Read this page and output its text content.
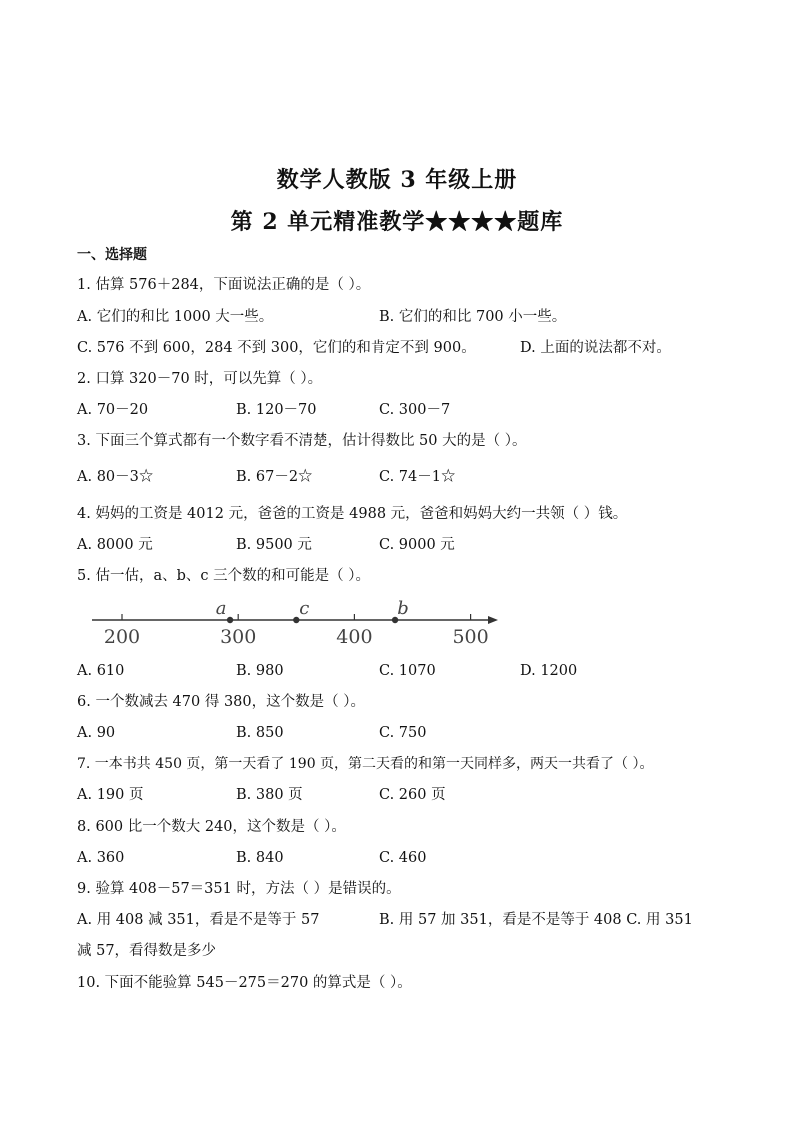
数学人教版 3 年级上册
第 2 单元精准教学★★★★题库
一、选择题
1. 估算 576＋284，下面说法正确的是（ ）。
A. 它们的和比 1000 大一些。	B. 它们的和比 700 小一些。
C. 576 不到 600，284 不到 300，它们的和肯定不到 900。	D. 上面的说法都不对。
2. 口算 320－70 时，可以先算（ ）。
A. 70－20	B. 120－70	C. 300－7
3. 下面三个算式都有一个数字看不清楚，估计得数比 50 大的是（ ）。
A. 80－3☆	B. 67－2☆	C. 74－1☆
4. 妈妈的工资是 4012 元，爸爸的工资是 4988 元，爸爸和妈妈大约一共领（ ）钱。
A. 8000 元	B. 9500 元	C. 9000 元
5. 估一估，a、b、c 三个数的和可能是（ ）。
200	300	400	500
a	c	b
A. 610	B. 980	C. 1070	D. 1200
6. 一个数减去 470 得 380，这个数是（ ）。
A. 90	B. 850	C. 750
7. 一本书共 450 页，第一天看了 190 页，第二天看的和第一天同样多，两天一共看了（ ）。
A. 190 页	B. 380 页	C. 260 页
8. 600 比一个数大 240，这个数是（ ）。
A. 360	B. 840	C. 460
9. 验算 408－57＝351 时，方法（ ）是错误的。
A. 用 408 减 351，看是不是等于 57	B. 用 57 加 351，看是不是等于 408 C. 用 351
减 57，看得数是多少
10. 下面不能验算 545－275＝270 的算式是（ ）。
